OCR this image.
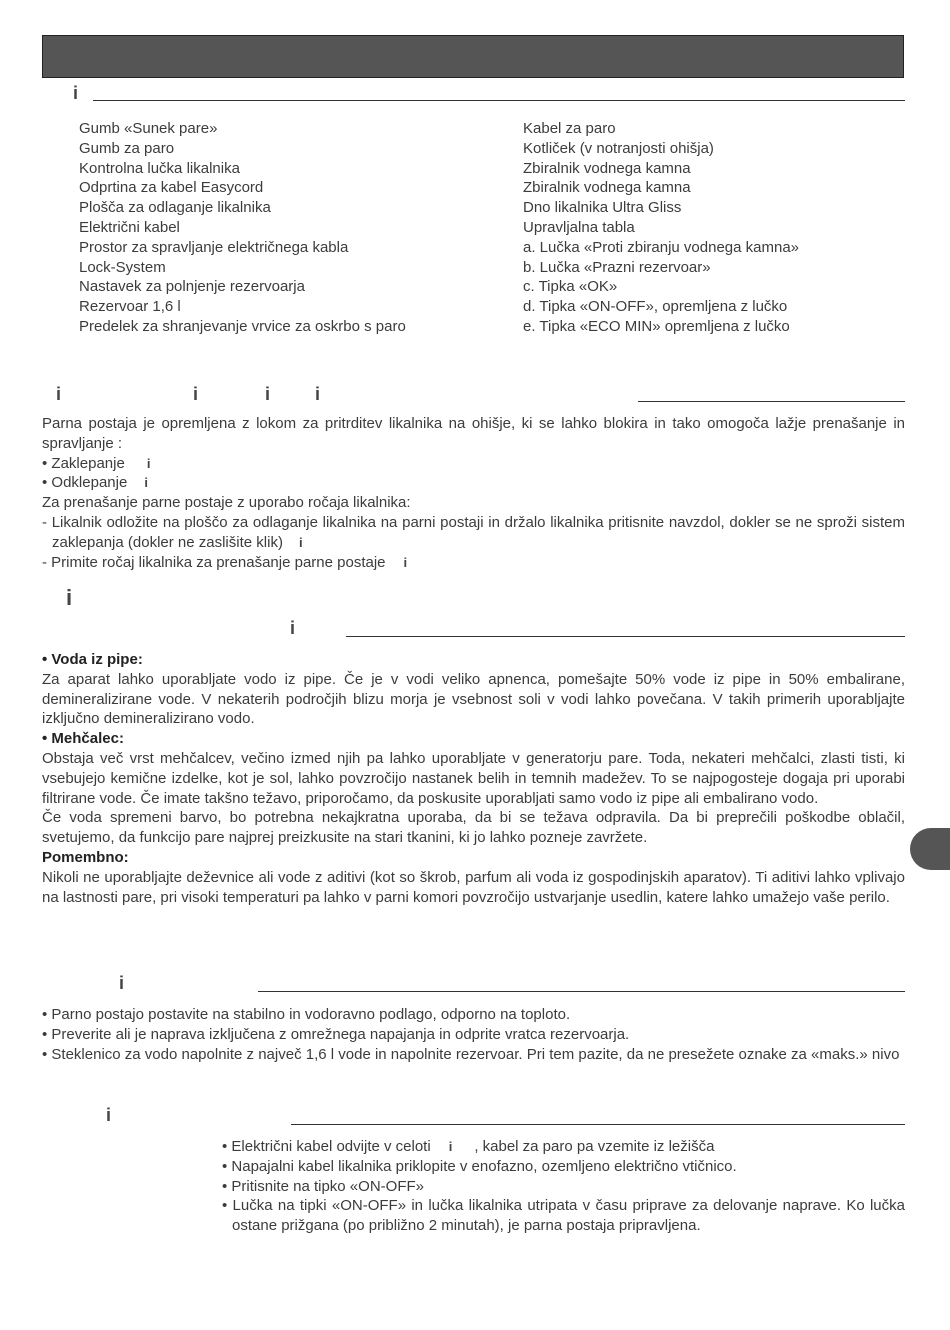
i
Gumb «Sunek pare»
Gumb za paro
Kontrolna lučka likalnika
Odprtina za kabel Easycord
Plošča za odlaganje likalnika
Električni kabel
Prostor za spravljanje električnega kabla
Lock-System
Nastavek za polnjenje rezervoarja
Rezervoar 1,6 l
Predelek za shranjevanje vrvice za oskrbo s paro
Kabel za paro
Kotliček (v notranjosti ohišja)
Zbiralnik vodnega kamna
Zbiralnik vodnega kamna
Dno likalnika Ultra Gliss
Upravljalna tabla
a. Lučka «Proti zbiranju vodnega kamna»
b. Lučka «Prazni rezervoar»
c. Tipka «OK»
d. Tipka «ON-OFF», opremljena z lučko
e. Tipka «ECO MIN» opremljena z lučko
i	i	i i

Parna postaja je opremljena z lokom za pritrditev likalnika na ohišje, ki se lahko blokira in tako omogoča lažje prenašanje in spravljanje :

• Zaklepanje i

• Odklepanje i

Za prenašanje parne postaje z uporabo ročaja likalnika:

- Likalnik odložite na ploščo za odlaganje likalnika na parni postaji in držalo likalnika pritisnite navzdol, dokler se ne sproži sistem zaklepanja (dokler ne zaslišite klik) i

- Primite ročaj likalnika za prenašanje parne postaje i

i
i

• Voda iz pipe:

Za aparat lahko uporabljate vodo iz pipe. Če je v vodi veliko apnenca, pomešajte 50% vode iz pipe in 50% embalirane, demineralizirane vode. V nekaterih področjih blizu morja je vsebnost soli v vodi lahko povečana. V takih primerih uporabljajte izključno demineralizirano vodo.

• Mehčalec:

Obstaja več vrst mehčalcev, večino izmed njih pa lahko uporabljate v generatorju pare. Toda, nekateri mehčalci, zlasti tisti, ki vsebujejo kemične izdelke, kot je sol, lahko povzročijo nastanek belih in temnih madežev. To se najpogosteje dogaja pri uporabi filtrirane vode. Če imate takšno težavo, priporočamo, da poskusite uporabljati samo vodo iz pipe ali embalirano vodo.

Če voda spremeni barvo, bo potrebna nekajkratna uporaba, da bi se težava odpravila. Da bi preprečili poškodbe oblačil, svetujemo, da funkcijo pare najprej preizkusite na stari tkanini, ki jo lahko pozneje zavržete.

Pomembno:

Nikoli ne uporabljajte deževnice ali vode z aditivi (kot so škrob, parfum ali voda iz gospodinjskih aparatov). Ti aditivi lahko vplivajo na lastnosti pare, pri visoki temperaturi pa lahko v parni komori povzročijo ustvarjanje usedlin, katere lahko umažejo vaše perilo.

i
• Parno postajo postavite na stabilno in vodoravno podlago, odporno na toploto.
• Preverite ali je naprava izključena z omrežnega napajanja in odprite vratca rezervoarja.
• Steklenico za vodo napolnite z največ 1,6 l vode in napolnite rezervoar. Pri tem pazite, da ne presežete oznake za «maks.» nivo
i
• Električni kabel odvijte v celoti i , kabel za paro pa vzemite iz ležišča
• Napajalni kabel likalnika priklopite v enofazno, ozemljeno električno vtičnico.
• Pritisnite na tipko «ON-OFF»
• Lučka na tipki «ON-OFF» in lučka likalnika utripata v času priprave za delovanje naprave. Ko lučka ostane prižgana (po približno 2 minutah), je parna postaja pripravljena.
